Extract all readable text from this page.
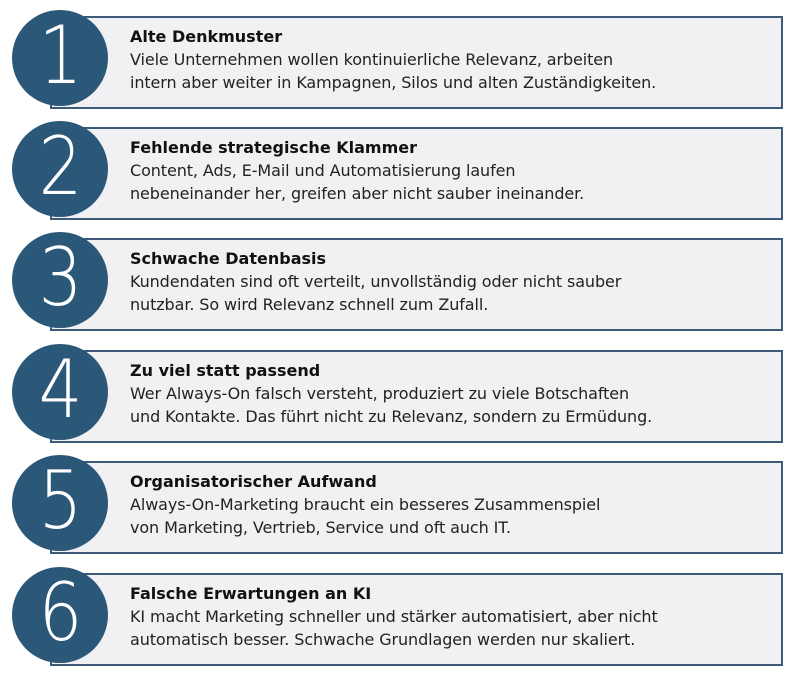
1	Alte Denkmuster
Viele Unternehmen wollen kontinuierliche Relevanz, arbeiten
intern aber weiter in Kampagnen, Silos und alten Zuständigkeiten.
2	Fehlende strategische Klammer
Content, Ads, E-Mail und Automatisierung laufen
nebeneinander her, greifen aber nicht sauber ineinander.
3	Schwache Datenbasis
Kundendaten sind oft verteilt, unvollständig oder nicht sauber
nutzbar. So wird Relevanz schnell zum Zufall.
4	Zu viel statt passend
Wer Always-On falsch versteht, produziert zu viele Botschaften
und Kontakte. Das führt nicht zu Relevanz, sondern zu Ermüdung.
5	Organisatorischer Aufwand
Always-On-Marketing braucht ein besseres Zusammenspiel
von Marketing, Vertrieb, Service und oft auch IT.
6	Falsche Erwartungen an KI
KI macht Marketing schneller und stärker automatisiert, aber nicht
automatisch besser. Schwache Grundlagen werden nur skaliert.
